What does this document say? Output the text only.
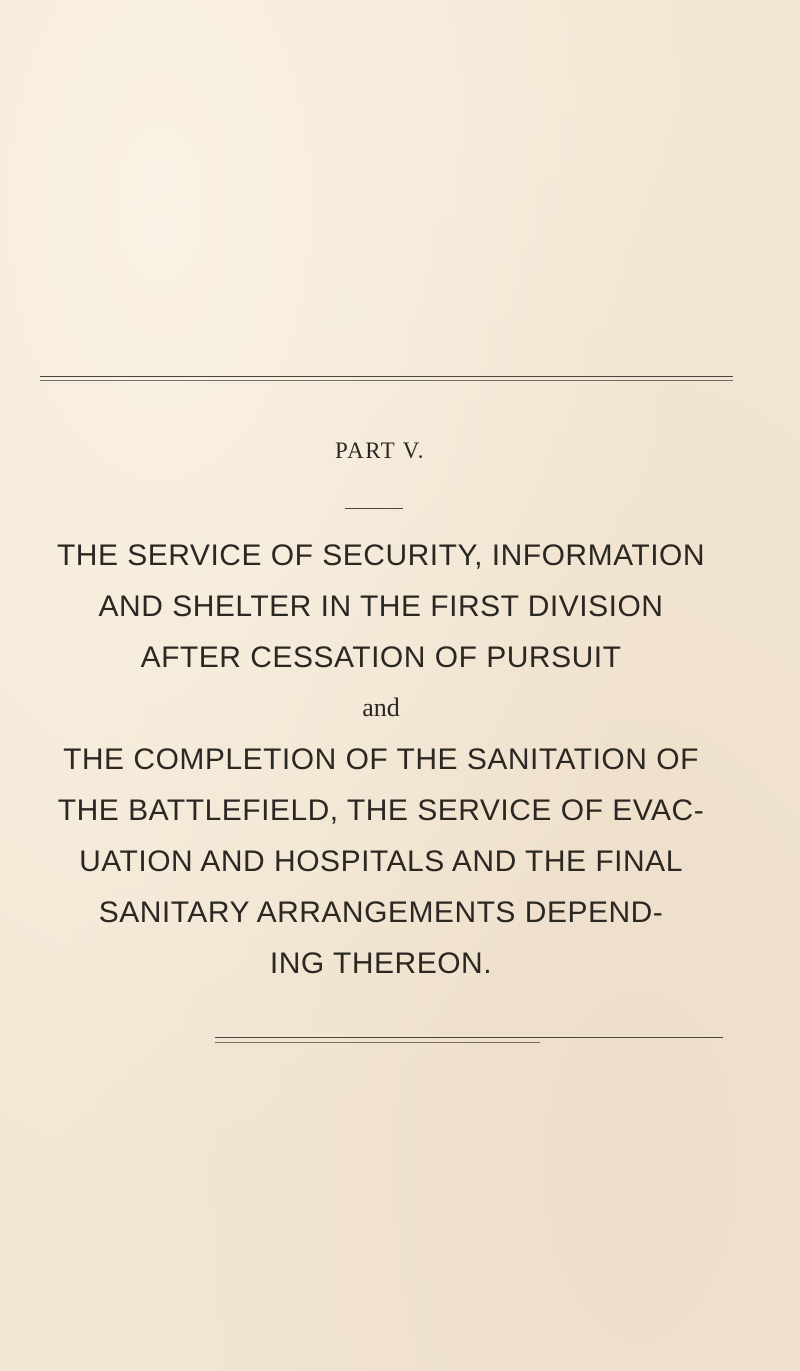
PART V.
THE SERVICE OF SECURITY, INFORMATION
AND SHELTER IN THE FIRST DIVISION
AFTER CESSATION OF PURSUIT

and

THE COMPLETION OF THE SANITATION OF
THE BATTLEFIELD, THE SERVICE OF EVAC-
UATION AND HOSPITALS AND THE FINAL
SANITARY ARRANGEMENTS DEPEND-
ING THEREON.
